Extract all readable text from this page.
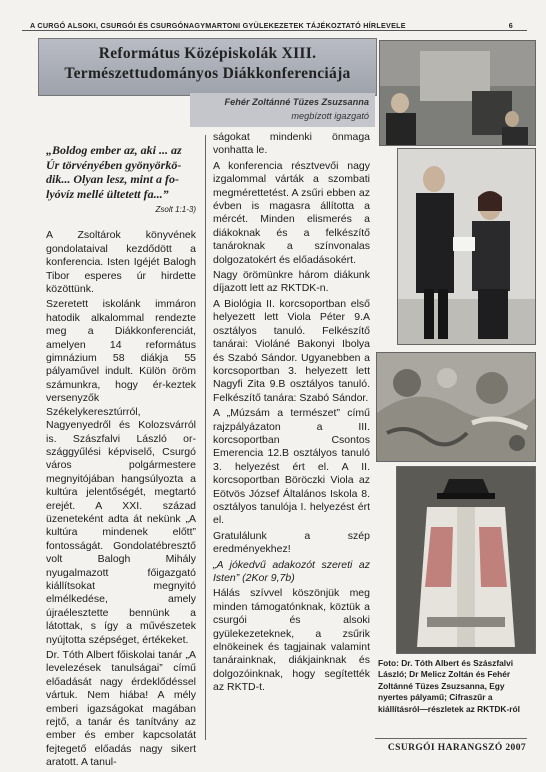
A CURGÓ ALSOKI, CSURGÓI ÉS CSURGÓNAGYMARTONI GYÜLEKEZETEK TÁJÉKOZTATÓ HÍRLEVELE	6
Református Középiskolák XIII.
Természettudományos Diákkonferenciája
Fehér Zoltánné Tüzes Zsuzsanna
megbízott igazgató
„Boldog ember az, aki ... az Úr törvényében gyönyörkö-dik... Olyan lesz, mint a fo-lyóvíz mellé ültetett fa...”
Zsolt 1:1-3)

A Zsoltárok könyvének gondolataival kezdődött a konferencia. Isten Igéjét Balogh Tibor esperes úr hirdette közöttünk.

Szeretett iskolánk immáron hatodik alkalommal rendezte meg a Diákkonferenciát, amelyen 14 református gimnázium 58 diákja 55 pályaművel indult. Külön öröm számunkra, hogy ér-keztek versenyzők Székelykeresztúrról, Nagyenyedről és Kolozsvárról is. Szászfalvi László or-szággyűlési képviselő, Csurgó város polgármestere megnyitójában hangsúlyozta a kultúra jelentőségét, megtartó erejét. A XXI. század üzeneteként adta át nekünk „A kultúra mindenek előtt” fontosságát. Gondolatébresztő volt Balogh Mihály nyugalmazott főigazgató kiállítsokat megnyitó elmélkedése, amely újraélesztette bennünk a látottak, s így a művészetek nyújtotta szépséget, értékeket.

Dr. Tóth Albert főiskolai tanár „A levelezések tanulságai” című előadását nagy érdeklődéssel vártuk. Nem hiába! A mély emberi igazságokat magában rejtő, a tanár és tanítvány az ember és ember kapcsolatát fejtegető előadás nagy sikert aratott. A tanul-

ságokat mindenki önmaga vonhatta le.

A konferencia résztvevői nagy izgalommal várták a szombati megmérettetést. A zsűri ebben az évben is magasra állította a mércét. Minden elismerés a diákoknak és a felkészítő tanároknak a színvonalas dolgozatokért és előadásokért.

Nagy örömünkre három diákunk díjazott lett az RKTDK-n.

A Biológia II. korcsoportban első helyezett lett Viola Péter 9.A osztályos tanuló. Felkészítő tanárai: Violáné Bakonyi Ibolya és Szabó Sándor. Ugyanebben a korcsoportban 3. helyezett lett Nagyfi Zita 9.B osztályos tanuló. Felkészítő tanára: Szabó Sándor.

A „Múzsám a természet” című rajzpályázaton a III. korcsoportban Csontos Emerencia 12.B osztályos tanuló 3. helyezést ért el. A II. korcsoportban Böröczki Viola az Eötvös József Általános Iskola 8. osztályos tanulója I. helyezést ért el.

Gratulálunk a szép eredményekhez!

„A jókedvű adakozót szereti az Isten” (2Kor 9,7b)

Hálás szívvel köszönjük meg minden támogatónknak, köztük a csurgói és alsoki gyülekezeteknek, a zsűrik elnökeinek és tagjainak valamint tanárainknak, diákjainknak és dolgozóinknak, hogy segítették az RKTD-t.

Foto: Dr. Tóth Albert és Szászfalvi László; Dr Melicz Zoltán és Fehér Zoltánné Tüzes Zsuzsanna, Egy nyertes pályamű; Cifraszűr a kiállításról—részletek az RKTDK-ról
CSURGÓI HARANGSZÓ 2007
